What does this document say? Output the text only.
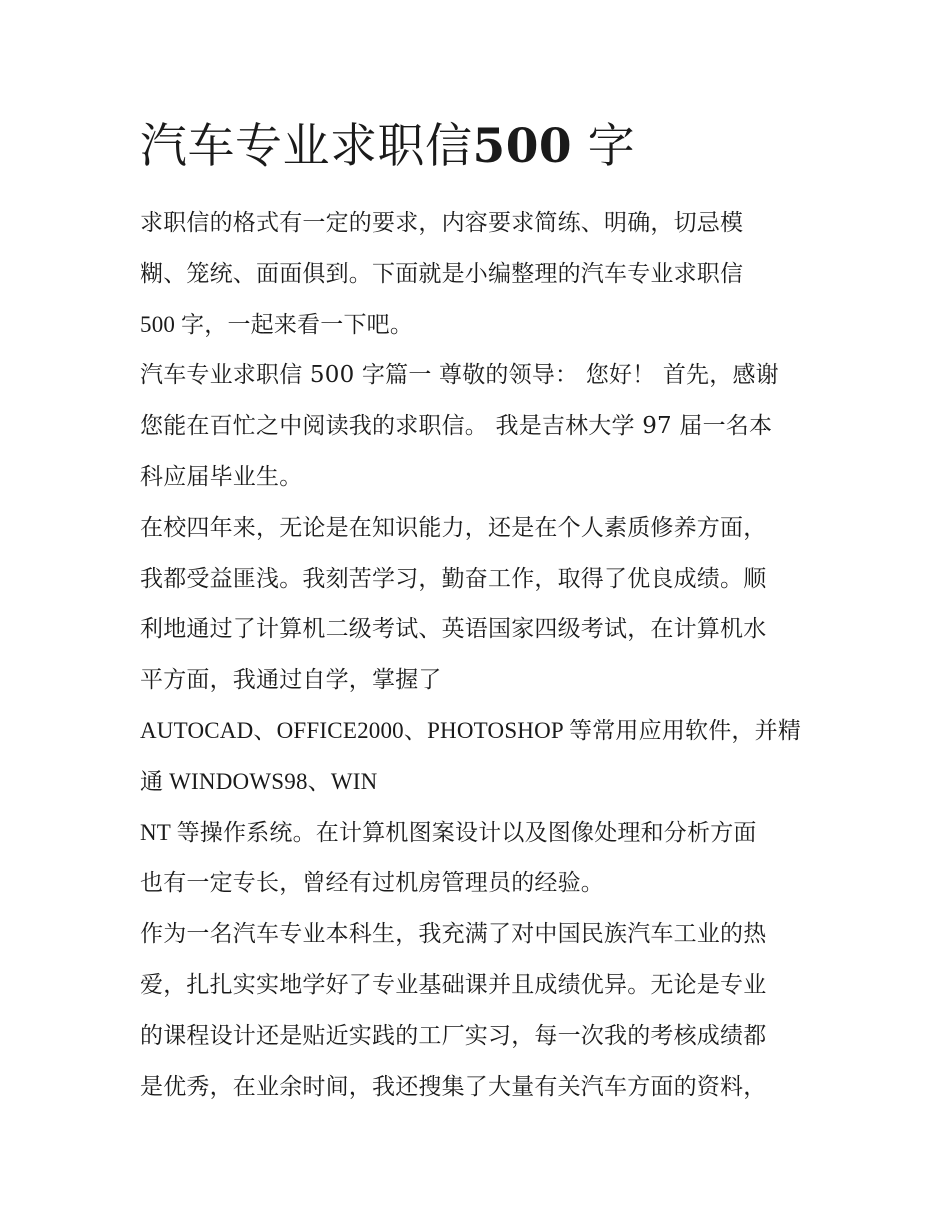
汽车专业求职信500 字
求职信的格式有一定的要求，内容要求简练、明确，切忌模
糊、笼统、面面俱到。下面就是小编整理的汽车专业求职信
500 字，一起来看一下吧。
汽车专业求职信 500 字篇一 尊敬的领导： 您好！ 首先，感谢
您能在百忙之中阅读我的求职信。 我是吉林大学 97 届一名本
科应届毕业生。
在校四年来，无论是在知识能力，还是在个人素质修养方面，
我都受益匪浅。我刻苦学习，勤奋工作，取得了优良成绩。顺
利地通过了计算机二级考试、英语国家四级考试，在计算机水
平方面，我通过自学，掌握了
AUTOCAD、OFFICE2000、PHOTOSHOP 等常用应用软件，并精
通 WINDOWS98、WIN
NT 等操作系统。在计算机图案设计以及图像处理和分析方面
也有一定专长，曾经有过机房管理员的经验。
作为一名汽车专业本科生，我充满了对中国民族汽车工业的热
爱，扎扎实实地学好了专业基础课并且成绩优异。无论是专业
的课程设计还是贴近实践的工厂实习，每一次我的考核成绩都
是优秀，在业余时间，我还搜集了大量有关汽车方面的资料，
